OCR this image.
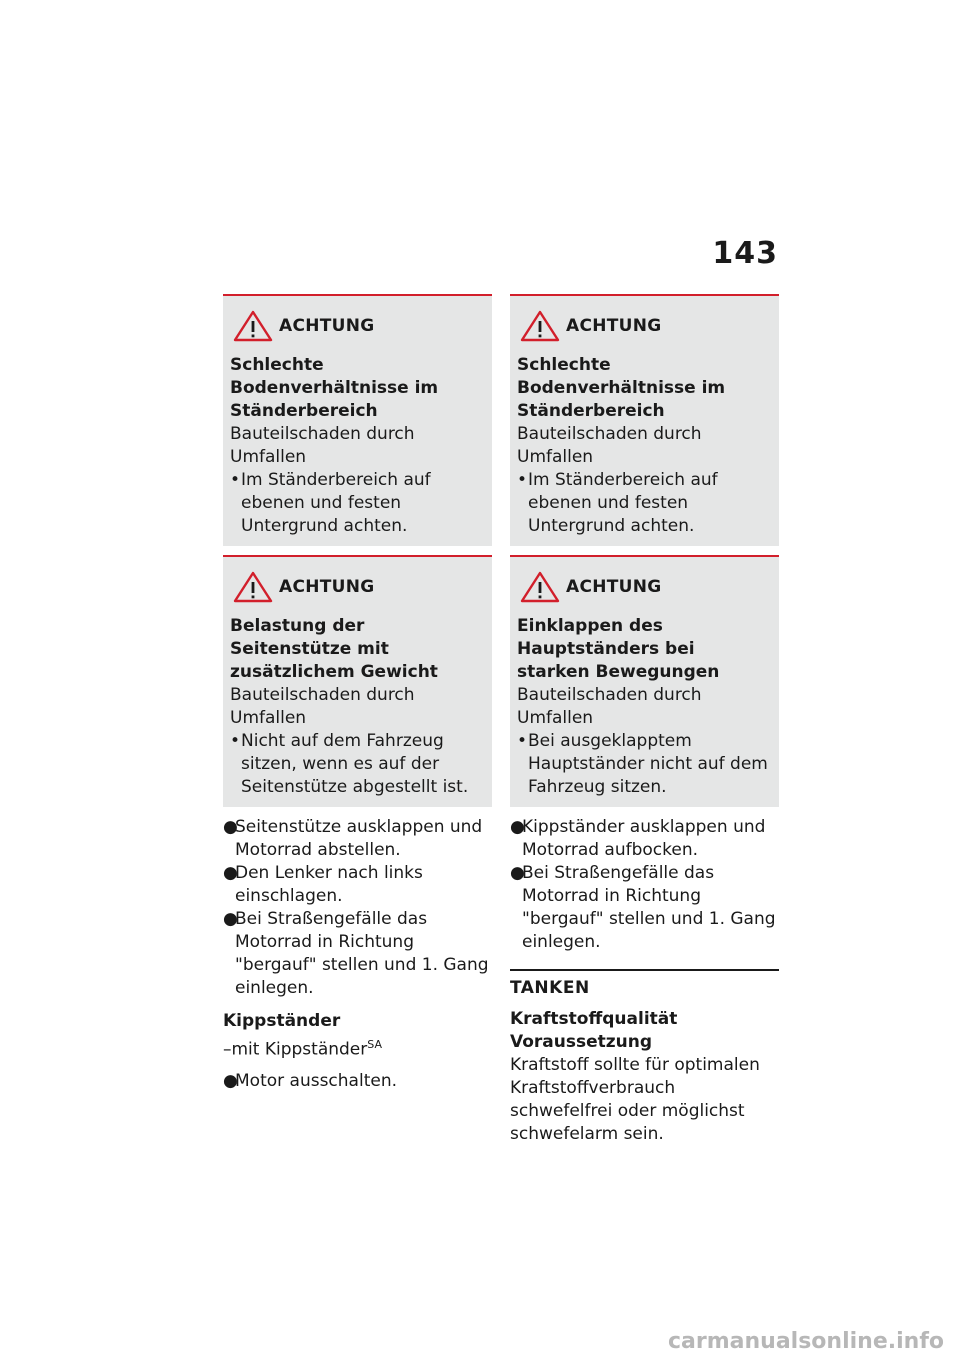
143
ACHTUNG
Schlechte Bodenverhältnisse im Ständerbereich
Bauteilschaden durch Umfallen
• Im Ständerbereich auf ebenen und festen Untergrund achten.
ACHTUNG
Belastung der Seitenstütze mit zusätzlichem Gewicht
Bauteilschaden durch Umfallen
• Nicht auf dem Fahrzeug sitzen, wenn es auf der Seitenstütze abgestellt ist.
●
Seitenstütze ausklappen und Motorrad abstellen.
●
Den Lenker nach links einschlagen.
●
Bei Straßengefälle das Motorrad in Richtung "bergauf" stellen und 1. Gang einlegen.
Kippständer
–mit Kippständer$^{SA}$
●
Motor ausschalten.
ACHTUNG
Schlechte Bodenverhältnisse im Ständerbereich
Bauteilschaden durch Umfallen
• Im Ständerbereich auf ebenen und festen Untergrund achten.
ACHTUNG
Einklappen des Hauptständers bei starken Bewegungen
Bauteilschaden durch Umfallen
• Bei ausgeklapptem Hauptständer nicht auf dem Fahrzeug sitzen.
●
Kippständer ausklappen und Motorrad aufbocken.
●
Bei Straßengefälle das Motorrad in Richtung "bergauf" stellen und 1. Gang einlegen.
TANKEN
Kraftstoffqualität
Voraussetzung
Kraftstoff sollte für optimalen Kraftstoffverbrauch schwefelfrei oder möglichst schwefelarm sein.
carmanualsonline.info
